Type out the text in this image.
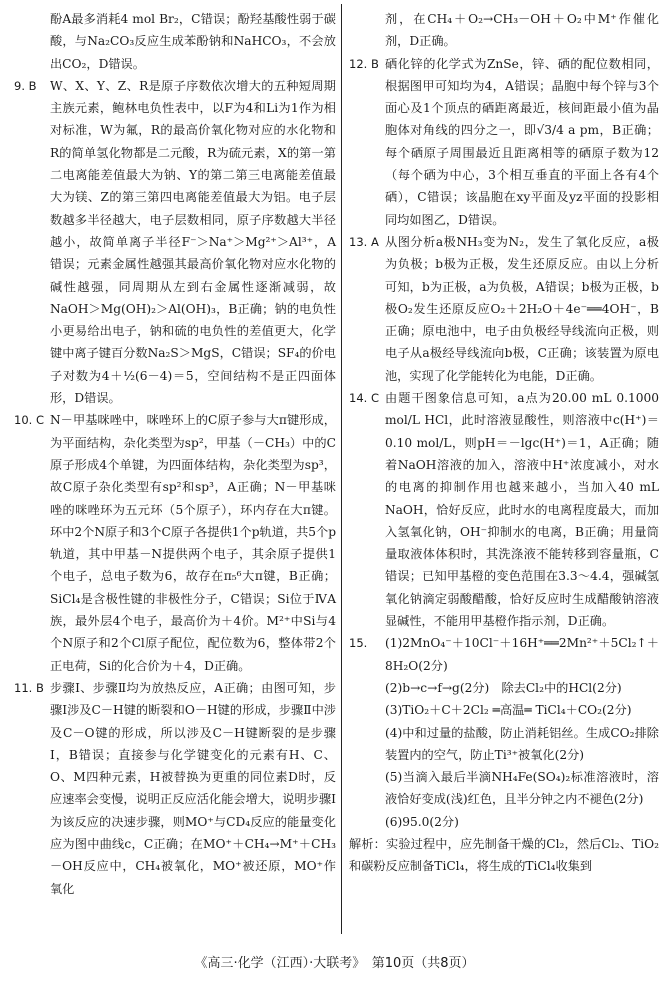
酚A最多消耗4 mol Br₂，C错误；酚羟基酸性弱于碳酸，与Na₂CO₃反应生成苯酚钠和NaHCO₃，不会放出CO₂，D错误。

9. B	W、X、Y、Z、R是原子序数依次增大的五种短周期主族元素，鲍林电负性表中，以F为4和Li为1作为相对标准，W为氟，R的最高价氧化物对应的水化物和R的简单氢化物都是二元酸，R为硫元素，X的第一第二电离能差值最大为钠、Y的第二第三电离能差值最大为镁、Z的第三第四电离能差值最大为铝。电子层数越多半径越大，电子层数相同，原子序数越大半径越小，故简单离子半径F⁻＞Na⁺＞Mg²⁺＞Al³⁺，A错误；元素金属性越强其最高价氧化物对应水化物的碱性越强，同周期从左到右金属性逐渐减弱，故NaOH＞Mg(OH)₂＞Al(OH)₃，B正确；钠的电负性小更易给出电子，钠和硫的电负性的差值更大，化学键中离子键百分数Na₂S＞MgS，C错误；SF₄的价电子对数为4＋½(6－4)＝5，空间结构不是正四面体形，D错误。
10. C N－甲基咪唑中，咪唑环上的C原子参与大π键形成，为平面结构，杂化类型为sp²，甲基（－CH₃）中的C原子形成4个单键，为四面体结构，杂化类型为sp³，故C原子杂化类型有sp²和sp³，A正确；N－甲基咪唑的咪唑环为五元环（5个原子），环内存在大π键。环中2个N原子和3个C原子各提供1个p轨道，共5个p轨道，其中甲基－N提供两个电子，其余原子提供1个电子，总电子数为6，故存在π₅⁶大π键，B正确；SiCl₄是含极性键的非极性分子，C错误；Si位于ⅣA族，最外层4个电子，最高价为＋4价。M²⁺中Si与4个N原子和2个Cl原子配位，配位数为6，整体带2个正电荷，Si的化合价为＋4，D正确。
11. B 步骤Ⅰ、步骤Ⅱ均为放热反应，A正确；由图可知，步骤Ⅰ涉及C－H键的断裂和O－H键的形成，步骤Ⅱ中涉及C－O键的形成，所以涉及C－H键断裂的是步骤Ⅰ，B错误；直接参与化学键变化的元素有H、C、O、M四种元素，H被替换为更重的同位素D时，反应速率会变慢，说明正反应活化能会增大，说明步骤Ⅰ为该反应的决速步骤，则MO⁺与CD₄反应的能量变化应为图中曲线c，C正确；在MO⁺＋CH₄→M⁺＋CH₃－OH反应中，CH₄被氧化，MO⁺被还原，MO⁺作氧化

剂，在CH₄＋O₂→CH₃－OH＋O₂中M⁺作催化剂，D正确。

12. B 硒化锌的化学式为ZnSe，锌、硒的配位数相同，根据图甲可知均为4，A错误；晶胞中每个锌与3个面心及1个顶点的硒距离最近，核间距最小值为晶胞体对角线的四分之一，即√3/4 a pm，B正确；每个硒原子周围最近且距离相等的硒原子数为12（每个硒为中心，3个相互垂直的平面上各有4个硒），C错误；该晶胞在xy平面及yz平面的投影相同均如图乙，D错误。
13. A 从图分析a极NH₃变为N₂，发生了氧化反应，a极为负极；b极为正极，发生还原反应。由以上分析可知，b为正极，a为负极，A错误；b极为正极，b极O₂发生还原反应O₂＋2H₂O＋4e⁻══4OH⁻，B正确；原电池中，电子由负极经导线流向正极，则电子从a极经导线流向b极，C正确；该装置为原电池，实现了化学能转化为电能，D正确。
14. C 由题干图象信息可知，a点为20.00 mL 0.1000 mol/L HCl，此时溶液显酸性，则溶液中c(H⁺)＝0.10 mol/L，则pH＝－lgc(H⁺)＝1，A正确；随着NaOH溶液的加入，溶液中H⁺浓度减小，对水的电离的抑制作用也越来越小，当加入40 mL NaOH，恰好反应，此时水的电离程度最大，而加入氢氧化钠，OH⁻抑制水的电离，B正确；用量筒量取液体体积时，其洗涤液不能转移到容量瓶，C错误；已知甲基橙的变色范围在3.3～4.4，强碱氢氧化钠滴定弱酸醋酸，恰好反应时生成醋酸钠溶液显碱性，不能用甲基橙作指示剂，D正确。
15.	(1)2MnO₄⁻＋10Cl⁻＋16H⁺══2Mn²⁺＋5Cl₂↑＋8H₂O(2分)

(2)b→c→f→g(2分)　除去Cl₂中的HCl(2分)

(3)TiO₂＋C＋2Cl₂ ═高温═ TiCl₄＋CO₂(2分)

(4)中和过量的盐酸，防止消耗铝丝。生成CO₂排除装置内的空气，防止Ti³⁺被氧化(2分)

(5)当滴入最后半滴NH₄Fe(SO₄)₂标准溶液时，溶液恰好变成(浅)红色，且半分钟之内不褪色(2分)

(6)95.0(2分)

解析：实验过程中，应先制备干燥的Cl₂，然后Cl₂、TiO₂和碳粉反应制备TiCl₄，将生成的TiCl₄收集到

《高三·化学（江西）·大联考》　第10页（共8页）
